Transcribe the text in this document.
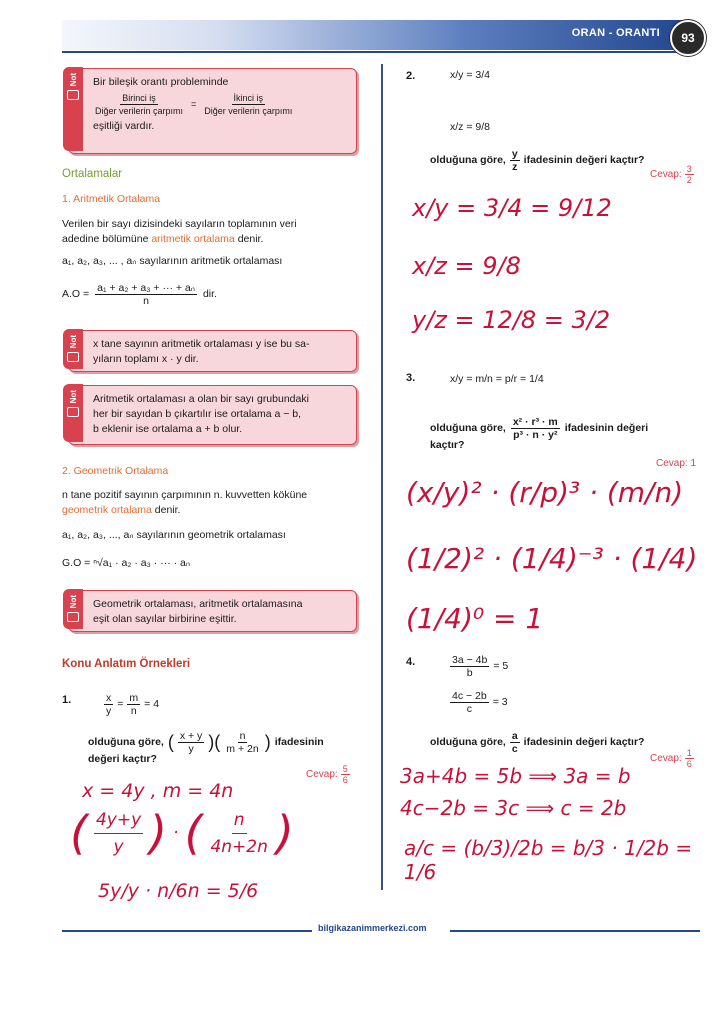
ORAN - ORANTI	93
Not Bir bileşik orantı probleminde
$\frac{\text{Birinci iş}}{\text{Diğer verilerin çarpımı}} = \frac{\text{İkinci iş}}{\text{Diğer verilerin çarpımı}}$
eşitliği vardır.
Ortalamalar
1. Aritmetik Ortalama
Verilen bir sayı dizisindeki sayıların toplamının veri
adedine bölümüne aritmetik ortalama denir.
a₁, a₂, a₃, ... , aₙ sayılarının aritmetik ortalaması
$A.O = \frac{\text{a₁ + a₂ + a₃ + ··· + aₙ}}{n}$ dir.
Not x tane sayının aritmetik ortalaması y ise bu sa-
yıların toplamı x · y dir.
Not Aritmetik ortalaması a olan bir sayı grubundaki
her bir sayıdan b çıkartılır ise ortalama a − b,
b eklenir ise ortalama a + b olur.
2. Geometrik Ortalama
n tane pozitif sayının çarpımının n. kuvvetten köküne
geometrik ortalama denir.
a₁, a₂, a₃, ..., aₙ sayılarının geometrik ortalaması
G.O = ⁿ√a₁ · a₂ · a₃ · ··· · aₙ
Not Geometrik ortalaması, aritmetik ortalamasına
eşit olan sayılar birbirine eşittir.
Konu Anlatım Örnekleri
1.	$\frac{x}{y} = \frac{m}{n} = 4$
olduğuna göre, ( $\frac{x + y}{y}$ )( $\frac{n}{m + 2n}$ ) ifadesinin
değeri kaçtır?
Cevap: $\frac{5}{6}$
x = 4y , m = 4n
( $\frac{4y+y}{y}$ ) · ( $\frac{n}{4n+2n}$ )
5y/y · n/6n = 5/6
2.	x/y = 3/4
x/z = 9/8
olduğuna göre, $\frac{y}{z}$ ifadesinin değeri kaçtır?
Cevap: $\frac{3}{2}$
x/y = 3/4 = 9/12
x/z = 9/8
y/z = 12/8 = 3/2
3.	x/y = m/n = p/r = 1/4
olduğuna göre, $\frac{\text{x² · r³ · m}}{\text{p³ · n · y²}}$ ifadesinin değeri
kaçtır?
Cevap: 1
(x/y)² · (r/p)³ · (m/n)
(1/2)² · (1/4)⁻³ · (1/4)
(1/4)⁰ = 1
4.	$\frac{3a - 4b}{b} = 5$
$\frac{4c - 2b}{c} = 3$
olduğuna göre, $\frac{a}{c}$ ifadesinin değeri kaçtır?
Cevap: $\frac{1}{6}$
3a+4b = 5b ⟹ 3a = b
4c−2b = 3c ⟹ c = 2b
a/c = (b/3)/2b = b/3 · 1/2b = 1/6
bilgikazanimmerkezi.com
